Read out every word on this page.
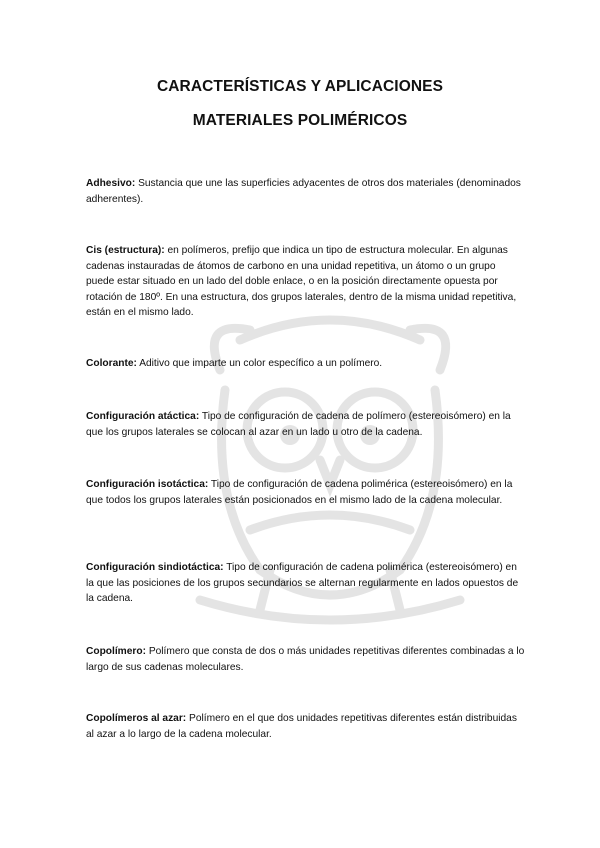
CARACTERÍSTICAS Y APLICACIONES
MATERIALES POLIMÉRICOS

Adhesivo: Sustancia que une las superficies adyacentes de otros dos materiales (denominados adherentes).

Cis (estructura): en polímeros, prefijo que indica un tipo de estructura molecular. En algunas cadenas instauradas de átomos de carbono en una unidad repetitiva, un átomo o un grupo puede estar situado en un lado del doble enlace, o en la posición directamente opuesta por rotación de 180º. En una estructura, dos grupos laterales, dentro de la misma unidad repetitiva, están en el mismo lado.

Colorante: Aditivo que imparte un color específico a un polímero.

Configuración atáctica: Tipo de configuración de cadena de polímero (estereoisómero) en la que los grupos laterales se colocan al azar en un lado u otro de la cadena.

Configuración isotáctica: Tipo de configuración de cadena polimérica (estereoisómero) en la que todos los grupos laterales están posicionados en el mismo lado de la cadena molecular.

Configuración sindiotáctica: Tipo de configuración de cadena polimérica (estereoisómero) en la que las posiciones de los grupos secundarios se alternan regularmente en lados opuestos de la cadena.

Copolímero: Polímero que consta de dos o más unidades repetitivas diferentes combinadas a lo largo de sus cadenas moleculares.

Copolímeros al azar: Polímero en el que dos unidades repetitivas diferentes están distribuidas al azar a lo largo de la cadena molecular.
